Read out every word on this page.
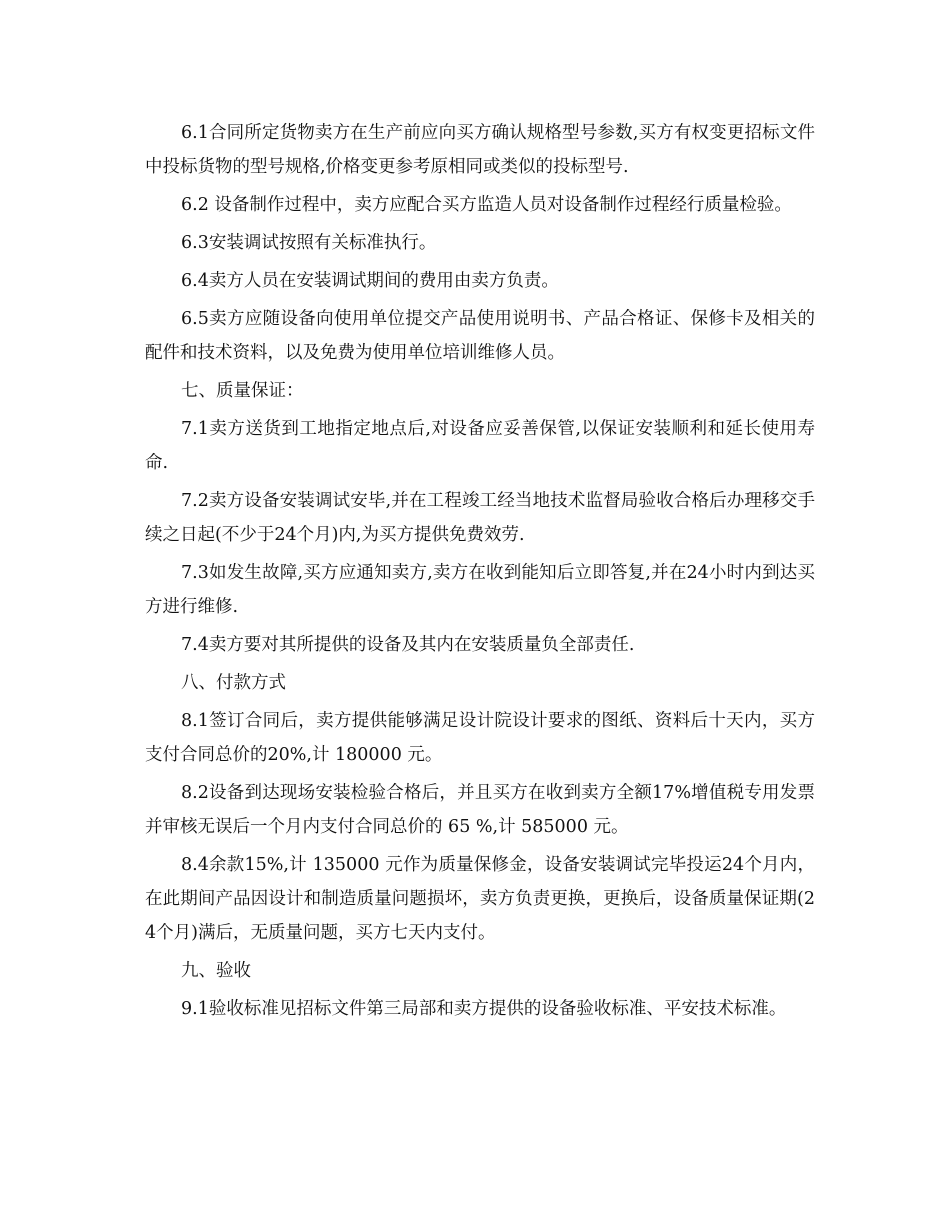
6.1合同所定货物卖方在生产前应向买方确认规格型号参数,买方有权变更招标文件中投标货物的型号规格,价格变更参考原相同或类似的投标型号.

6.2 设备制作过程中，卖方应配合买方监造人员对设备制作过程经行质量检验。

6.3安装调试按照有关标准执行。

6.4卖方人员在安装调试期间的费用由卖方负责。

6.5卖方应随设备向使用单位提交产品使用说明书、产品合格证、保修卡及相关的配件和技术资料，以及免费为使用单位培训维修人员。

七、质量保证：

7.1卖方送货到工地指定地点后,对设备应妥善保管,以保证安装顺利和延长使用寿命.

7.2卖方设备安装调试安毕,并在工程竣工经当地技术监督局验收合格后办理移交手续之日起(不少于24个月)内,为买方提供免费效劳.

7.3如发生故障,买方应通知卖方,卖方在收到能知后立即答复,并在24小时内到达买方进行维修.

7.4卖方要对其所提供的设备及其内在安装质量负全部责任.

八、付款方式

8.1签订合同后，卖方提供能够满足设计院设计要求的图纸、资料后十天内，买方支付合同总价的20%,计 180000 元。

8.2设备到达现场安装检验合格后，并且买方在收到卖方全额17%增值税专用发票并审核无误后一个月内支付合同总价的 65 %,计 585000 元。

8.4余款15%,计 135000 元作为质量保修金，设备安装调试完毕投运24个月内，在此期间产品因设计和制造质量问题损坏，卖方负责更换，更换后，设备质量保证期(24个月)满后，无质量问题，买方七天内支付。

九、验收

9.1验收标准见招标文件第三局部和卖方提供的设备验收标准、平安技术标准。
